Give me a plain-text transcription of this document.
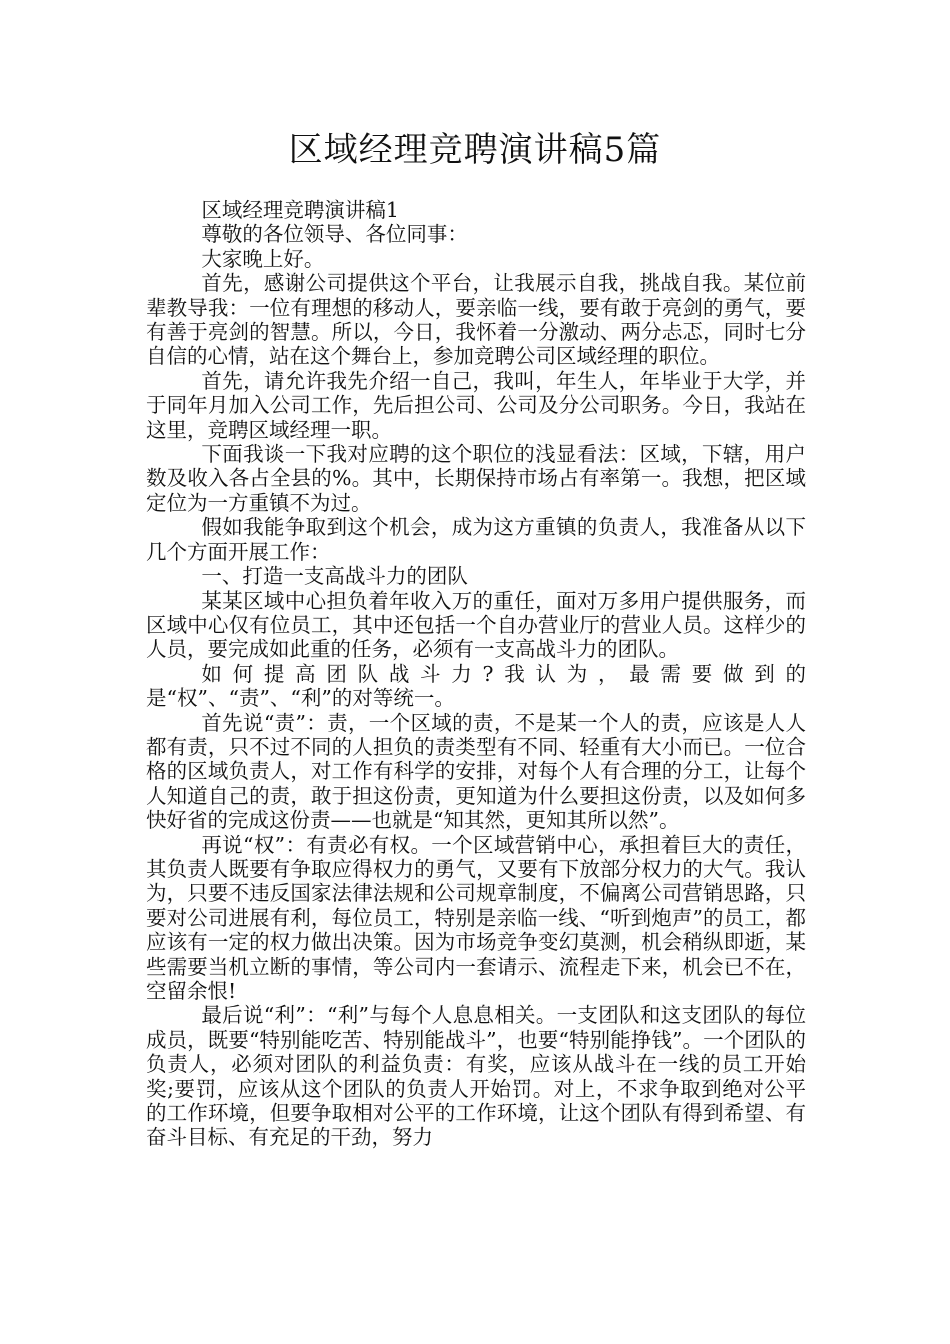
区域经理竞聘演讲稿5篇

区域经理竞聘演讲稿1

尊敬的各位领导、各位同事：

大家晚上好。

首先，感谢公司提供这个平台，让我展示自我，挑战自我。某位前辈教导我：一位有理想的移动人，要亲临一线，要有敢于亮剑的勇气，要有善于亮剑的智慧。所以，今日，我怀着一分激动、两分忐忑，同时七分自信的心情，站在这个舞台上，参加竞聘公司区域经理的职位。

首先，请允许我先介绍一自己，我叫，年生人，年毕业于大学，并于同年月加入公司工作，先后担公司、公司及分公司职务。今日，我站在这里，竞聘区域经理一职。

下面我谈一下我对应聘的这个职位的浅显看法：区域，下辖，用户数及收入各占全县的%。其中，长期保持市场占有率第一。我想，把区域定位为一方重镇不为过。

假如我能争取到这个机会，成为这方重镇的负责人，我准备从以下几个方面开展工作：

一、打造一支高战斗力的团队

某某区域中心担负着年收入万的重任，面对万多用户提供服务，而区域中心仅有位员工，其中还包括一个自办营业厅的营业人员。这样少的人员，要完成如此重的任务，必须有一支高战斗力的团队。

如何提高团队战斗力?我认为，最需要做到的是“权”、“责”、“利”的对等统一。

首先说“责”：责，一个区域的责，不是某一个人的责，应该是人人都有责，只不过不同的人担负的责类型有不同、轻重有大小而已。一位合格的区域负责人，对工作有科学的安排，对每个人有合理的分工，让每个人知道自己的责，敢于担这份责，更知道为什么要担这份责，以及如何多快好省的完成这份责——也就是“知其然，更知其所以然”。

再说“权”：有责必有权。一个区域营销中心，承担着巨大的责任，其负责人既要有争取应得权力的勇气，又要有下放部分权力的大气。我认为，只要不违反国家法律法规和公司规章制度，不偏离公司营销思路，只要对公司进展有利，每位员工，特别是亲临一线、“听到炮声”的员工，都应该有一定的权力做出决策。因为市场竞争变幻莫测，机会稍纵即逝，某些需要当机立断的事情，等公司内一套请示、流程走下来，机会已不在，空留余恨!

最后说“利”：“利”与每个人息息相关。一支团队和这支团队的每位成员，既要“特别能吃苦、特别能战斗”，也要“特别能挣钱”。一个团队的负责人，必须对团队的利益负责：有奖，应该从战斗在一线的员工开始奖;要罚，应该从这个团队的负责人开始罚。对上，不求争取到绝对公平的工作环境，但要争取相对公平的工作环境，让这个团队有得到希望、有奋斗目标、有充足的干劲，努力
